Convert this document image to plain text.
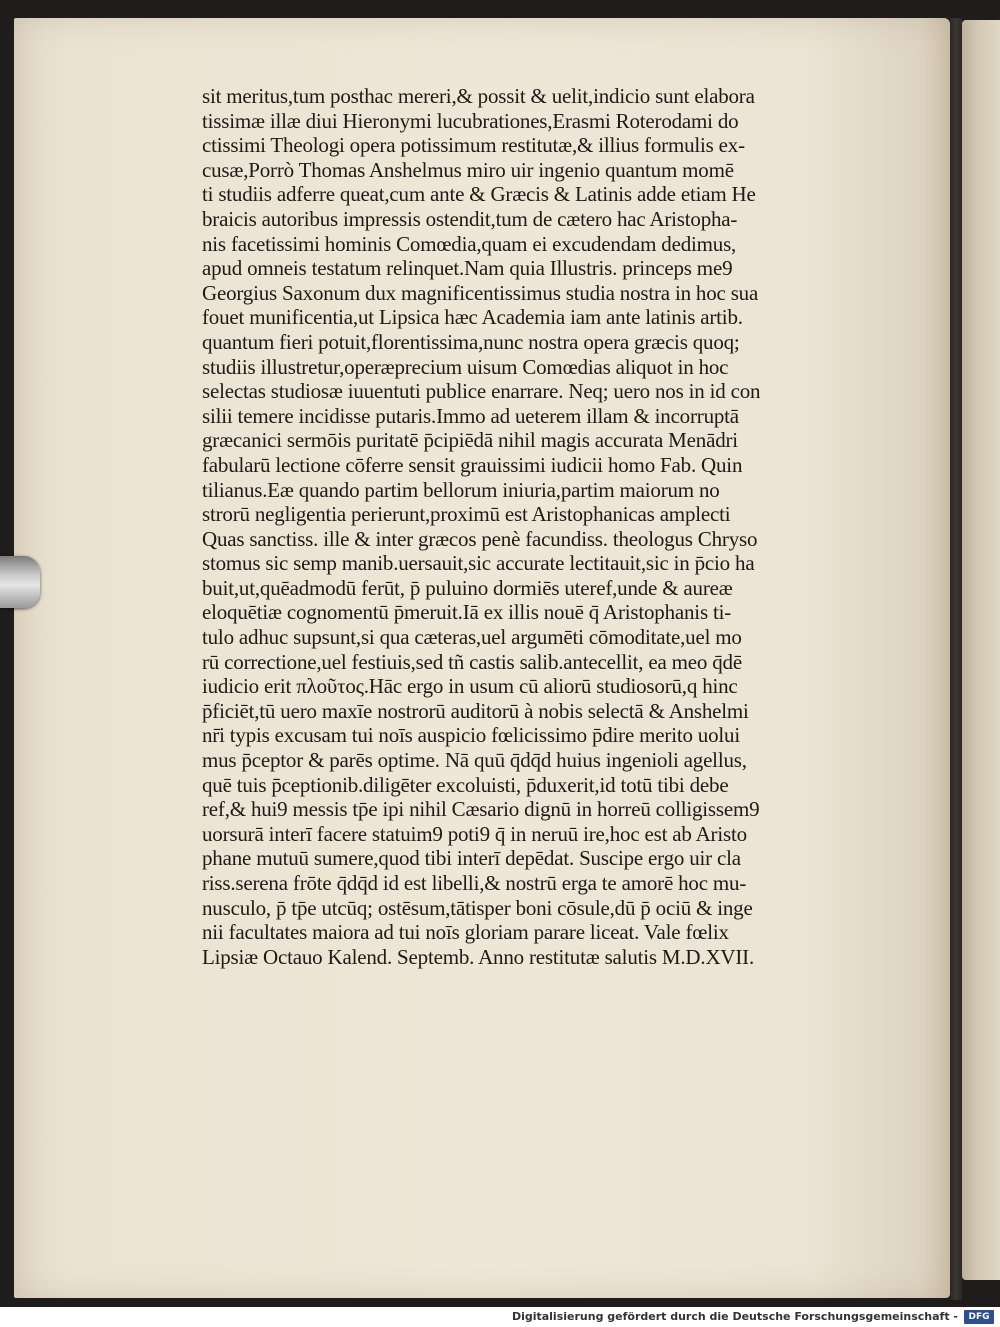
sit meritus,tum posthac mereri,& possit & uelit,indicio sunt elabora
tissimæ illæ diui Hieronymi lucubrationes,Erasmi Roterodami do
ctissimi Theologi opera potissimum restitutæ,& illius formulis ex-
cusæ,Porrò Thomas Anshelmus miro uir ingenio quantum momē
ti studiis adferre queat,cum ante & Græcis & Latinis adde etiam He
braicis autoribus impressis ostendit,tum de cætero hac Aristopha-
nis facetissimi hominis Comœdia,quam ei excudendam dedimus,
apud omneis testatum relinquet.Nam quia Illustris. princeps me9
Georgius Saxonum dux magnificentissimus studia nostra in hoc sua
fouet munificentia,ut Lipsica hæc Academia iam ante latinis artib.
quantum fieri potuit,florentissima,nunc nostra opera græcis quoq;
studiis illustretur,operæprecium uisum Comœdias aliquot in hoc
selectas studiosæ iuuentuti publice enarrare. Neq; uero nos in id con
silii temere incidisse putaris.Immo ad ueterem illam & incorruptā
græcanici sermōis puritatē p̄cipiēdā nihil magis accurata Menādri
fabularū lectione cōferre sensit grauissimi iudicii homo Fab. Quin
tilianus.Eæ quando partim bellorum iniuria,partim maiorum no
strorū negligentia perierunt,proximū est Aristophanicas amplecti
Quas sanctiss. ille & inter græcos penè facundiss. theologus Chryso
stomus sic semp manib.uersauit,sic accurate lectitauit,sic in p̄cio ha
buit,ut,quēadmodū ferūt, p̄ puluino dormiēs uteref,unde & aureæ
eloquētiæ cognomentū p̄meruit.Iā ex illis nouē q̄ Aristophanis ti-
tulo adhuc supsunt,si qua cæteras,uel argumēti cōmoditate,uel mo
rū correctione,uel festiuis,sed tñ castis salib.antecellit, ea meo q̄dē
iudicio erit πλοῦτος.Hāc ergo in usum cū aliorū studiosorū,q hinc
p̄ficiēt,tū uero maxīe nostrorū auditorū à nobis selectā & Anshelmi
nr̄i typis excusam tui noīs auspicio fœlicissimo p̄dire merito uolui
mus p̄ceptor & parēs optime. Nā quū q̄dq̄d huius ingenioli agellus,
quē tuis p̄ceptionib.diligēter excoluisti, p̄duxerit,id totū tibi debe
ref,& hui9 messis tp̄e ipi nihil Cæsario dignū in horreū colligissem9
uorsurā interī facere statuim9 poti9 q̄ in neruū ire,hoc est ab Aristo
phane mutuū sumere,quod tibi interī depēdat. Suscipe ergo uir cla
riss.serena frōte q̄dq̄d id est libelli,& nostrū erga te amorē hoc mu-
nusculo, p̄ tp̄e utcūq; ostēsum,tātisper boni cōsule,dū p̄ ociū & inge
nii facultates maiora ad tui noīs gloriam parare liceat. Vale fœlix
Lipsiæ Octauo Kalend. Septemb. Anno restitutæ salutis M.D.XVII.
Digitalisierung gefördert durch die Deutsche Forschungsgemeinschaft -	DFG
